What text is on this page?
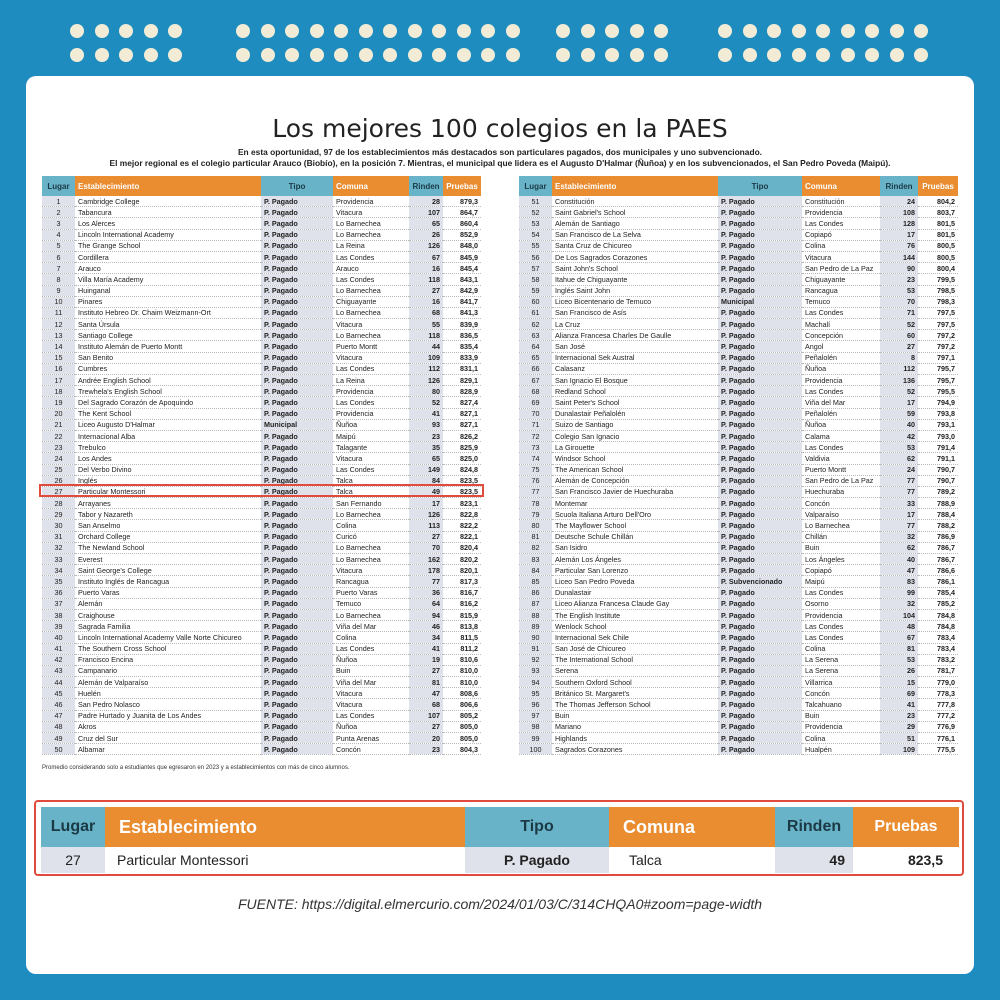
Los mejores 100 colegios en la PAES
En esta oportunidad, 97 de los establecimientos más destacados son particulares pagados, dos municipales y uno subvencionado.
El mejor regional es el colegio particular Arauco (Biobío), en la posición 7. Mientras, el municipal que lidera es el Augusto D'Halmar (Ñuñoa) y en los subvencionados, el San Pedro Poveda (Maipú).
Lugar	Establecimiento	Tipo	Comuna	Rinden	Pruebas
1	Cambridge College	P. Pagado	Providencia	28	879,3
2	Tabancura	P. Pagado	Vitacura	107	864,7
3	Los Alerces	P. Pagado	Lo Barnechea	65	860,4
4	Lincoln International Academy	P. Pagado	Lo Barnechea	26	852,9
5	The Grange School	P. Pagado	La Reina	126	848,0
6	Cordillera	P. Pagado	Las Condes	67	845,9
7	Arauco	P. Pagado	Arauco	16	845,4
8	Villa María Academy	P. Pagado	Las Condes	118	843,1
9	Huinganal	P. Pagado	Lo Barnechea	27	842,9
10	Pinares	P. Pagado	Chiguayante	16	841,7
11	Instituto Hebreo Dr. Chaim Weizmann-Ort	P. Pagado	Lo Barnechea	68	841,3
12	Santa Úrsula	P. Pagado	Vitacura	55	839,9
13	Santiago College	P. Pagado	Lo Barnechea	118	836,5
14	Instituto Alemán de Puerto Montt	P. Pagado	Puerto Montt	44	835,4
15	San Benito	P. Pagado	Vitacura	109	833,9
16	Cumbres	P. Pagado	Las Condes	112	831,1
17	Andrée English School	P. Pagado	La Reina	126	829,1
18	Trewhela's English School	P. Pagado	Providencia	80	828,9
19	Del Sagrado Corazón de Apoquindo	P. Pagado	Las Condes	52	827,4
20	The Kent School	P. Pagado	Providencia	41	827,1
21	Liceo Augusto D'Halmar	Municipal	Ñuñoa	93	827,1
22	Internacional Alba	P. Pagado	Maipú	23	826,2
23	Trebulco	P. Pagado	Talagante	35	825,9
24	Los Andes	P. Pagado	Vitacura	65	825,0
25	Del Verbo Divino	P. Pagado	Las Condes	149	824,8
26	Inglés	P. Pagado	Talca	84	823,5
27	Particular Montessori	P. Pagado	Talca	49	823,5
28	Arrayanes	P. Pagado	San Fernando	17	823,1
29	Tabor y Nazareth	P. Pagado	Lo Barnechea	126	822,8
30	San Anselmo	P. Pagado	Colina	113	822,2
31	Orchard College	P. Pagado	Curicó	27	822,1
32	The Newland School	P. Pagado	Lo Barnechea	70	820,4
33	Everest	P. Pagado	Lo Barnechea	162	820,2
34	Saint George's College	P. Pagado	Vitacura	178	820,1
35	Instituto Inglés de Rancagua	P. Pagado	Rancagua	77	817,3
36	Puerto Varas	P. Pagado	Puerto Varas	36	816,7
37	Alemán	P. Pagado	Temuco	64	816,2
38	Craighouse	P. Pagado	Lo Barnechea	94	815,9
39	Sagrada Familia	P. Pagado	Viña del Mar	46	813,8
40	Lincoln International Academy Valle Norte Chicureo	P. Pagado	Colina	34	811,5
41	The Southern Cross School	P. Pagado	Las Condes	41	811,2
42	Francisco Encina	P. Pagado	Ñuñoa	19	810,6
43	Campanario	P. Pagado	Buin	27	810,0
44	Alemán de Valparaíso	P. Pagado	Viña del Mar	81	810,0
45	Huelén	P. Pagado	Vitacura	47	808,6
46	San Pedro Nolasco	P. Pagado	Vitacura	68	806,6
47	Padre Hurtado y Juanita de Los Andes	P. Pagado	Las Condes	107	805,2
48	Akros	P. Pagado	Ñuñoa	27	805,0
49	Cruz del Sur	P. Pagado	Punta Arenas	20	805,0
50	Albamar	P. Pagado	Concón	23	804,3
Lugar	Establecimiento	Tipo	Comuna	Rinden	Pruebas
51	Constitución	P. Pagado	Constitución	24	804,2
52	Saint Gabriel's School	P. Pagado	Providencia	108	803,7
53	Alemán de Santiago	P. Pagado	Las Condes	128	801,5
54	San Francisco de La Selva	P. Pagado	Copiapó	17	801,5
55	Santa Cruz de Chicureo	P. Pagado	Colina	76	800,5
56	De Los Sagrados Corazones	P. Pagado	Vitacura	144	800,5
57	Saint John's School	P. Pagado	San Pedro de La Paz	90	800,4
58	Itahue de Chiguayante	P. Pagado	Chiguayante	23	799,5
59	Inglés Saint John	P. Pagado	Rancagua	53	798,5
60	Liceo Bicentenario de Temuco	Municipal	Temuco	70	798,3
61	San Francisco de Asís	P. Pagado	Las Condes	71	797,5
62	La Cruz	P. Pagado	Machalí	52	797,5
63	Alianza Francesa Charles De Gaulle	P. Pagado	Concepción	60	797,2
64	San José	P. Pagado	Angol	27	797,2
65	Internacional Sek Austral	P. Pagado	Peñalolén	8	797,1
66	Calasanz	P. Pagado	Ñuñoa	112	795,7
67	San Ignacio El Bosque	P. Pagado	Providencia	136	795,7
68	Redland School	P. Pagado	Las Condes	52	795,5
69	Saint Peter's School	P. Pagado	Viña del Mar	17	794,9
70	Dunalastair Peñalolén	P. Pagado	Peñalolén	59	793,8
71	Suizo de Santiago	P. Pagado	Ñuñoa	40	793,1
72	Colegio San Ignacio	P. Pagado	Calama	42	793,0
73	La Girouette	P. Pagado	Las Condes	53	791,4
74	Windsor School	P. Pagado	Valdivia	62	791,1
75	The American School	P. Pagado	Puerto Montt	24	790,7
76	Alemán de Concepción	P. Pagado	San Pedro de La Paz	77	790,7
77	San Francisco Javier de Huechuraba	P. Pagado	Huechuraba	77	789,2
78	Montemar	P. Pagado	Concón	33	788,9
79	Scuola Italiana Arturo Dell'Oro	P. Pagado	Valparaíso	17	788,4
80	The Mayflower School	P. Pagado	Lo Barnechea	77	788,2
81	Deutsche Schule Chillán	P. Pagado	Chillán	32	786,9
82	San Isidro	P. Pagado	Buin	62	786,7
83	Alemán Los Ángeles	P. Pagado	Los Ángeles	40	786,7
84	Particular San Lorenzo	P. Pagado	Copiapó	47	786,6
85	Liceo San Pedro Poveda	P. Subvencionado	Maipú	83	786,1
86	Dunalastair	P. Pagado	Las Condes	99	785,4
87	Liceo Alianza Francesa Claude Gay	P. Pagado	Osorno	32	785,2
88	The English Institute	P. Pagado	Providencia	104	784,8
89	Wenlock School	P. Pagado	Las Condes	48	784,8
90	Internacional Sek Chile	P. Pagado	Las Condes	67	783,4
91	San José de Chicureo	P. Pagado	Colina	81	783,4
92	The International School	P. Pagado	La Serena	53	783,2
93	Serena	P. Pagado	La Serena	26	781,7
94	Southern Oxford School	P. Pagado	Villarrica	15	779,0
95	Británico St. Margaret's	P. Pagado	Concón	69	778,3
96	The Thomas Jefferson School	P. Pagado	Talcahuano	41	777,8
97	Buin	P. Pagado	Buin	23	777,2
98	Mariano	P. Pagado	Providencia	29	776,9
99	Highlands	P. Pagado	Colina	51	776,1
100	Sagrados Corazones	P. Pagado	Hualpén	109	775,5
Promedio considerando solo a estudiantes que egresaron en 2023 y a establecimientos con más de cinco alumnos.
Lugar	Establecimiento	Tipo	Comuna	Rinden	Pruebas
27	Particular Montessori	P. Pagado	Talca	49	823,5
FUENTE: https://digital.elmercurio.com/2024/01/03/C/314CHQA0#zoom=page-width
